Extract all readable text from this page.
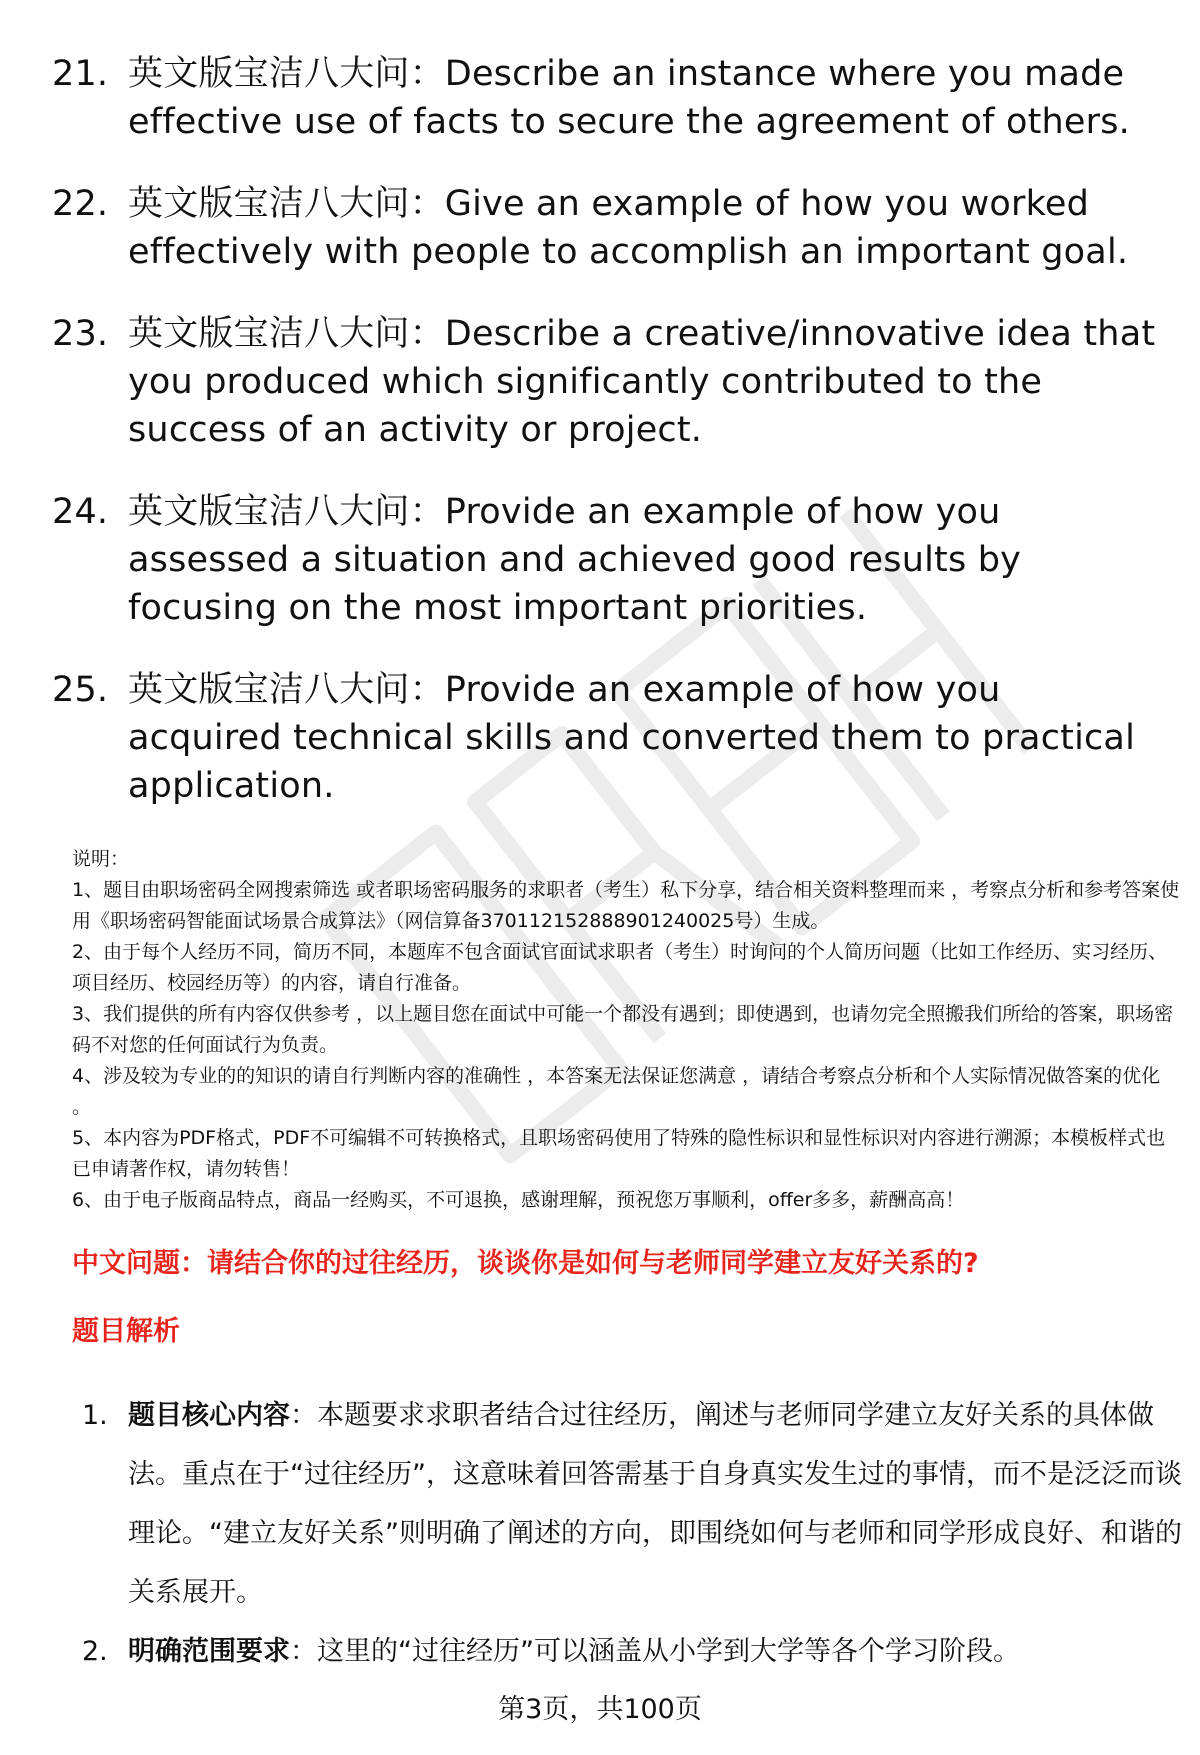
21. 英文版宝洁八大问：Describe an instance where you made effective use of facts to secure the agreement of others.
22. 英文版宝洁八大问：Give an example of how you worked effectively with people to accomplish an important goal.
23. 英文版宝洁八大问：Describe a creative/innovative idea that you produced which significantly contributed to the success of an activity or project.
24. 英文版宝洁八大问：Provide an example of how you assessed a situation and achieved good results by focusing on the most important priorities.
25. 英文版宝洁八大问：Provide an example of how you acquired technical skills and converted them to practical application.

说明：

1、题目由职场密码全网搜索筛选 或者职场密码服务的求职者（考生）私下分享，结合相关资料整理而来 ，考察点分析和参考答案使用《职场密码智能面试场景合成算法》（网信算备370112152888901240025号）生成。

2、由于每个人经历不同，简历不同，本题库不包含面试官面试求职者（考生）时询问的个人简历问题（比如工作经历、实习经历、项目经历、校园经历等）的内容，请自行准备。

3、我们提供的所有内容仅供参考 ，以上题目您在面试中可能一个都没有遇到；即使遇到，也请勿完全照搬我们所给的答案，职场密码不对您的任何面试行为负责。

4、涉及较为专业的的知识的请自行判断内容的准确性 ，本答案无法保证您满意 ，请结合考察点分析和个人实际情况做答案的优化 。

5、本内容为PDF格式，PDF不可编辑不可转换格式，且职场密码使用了特殊的隐性标识和显性标识对内容进行溯源；本模板样式也已申请著作权，请勿转售！

6、由于电子版商品特点，商品一经购买，不可退换，感谢理解，预祝您万事顺利，offer多多，薪酬高高！

中文问题：请结合你的过往经历，谈谈你是如何与老师同学建立友好关系的?
题目解析
1. 题目核心内容：本题要求求职者结合过往经历，阐述与老师同学建立友好关系的具体做法。重点在于“过往经历”，这意味着回答需基于自身真实发生过的事情，而不是泛泛而谈理论。“建立友好关系”则明确了阐述的方向，即围绕如何与老师和同学形成良好、和谐的关系展开。
2. 明确范围要求：这里的“过往经历”可以涵盖从小学到大学等各个学习阶段。
第3页，共100页
